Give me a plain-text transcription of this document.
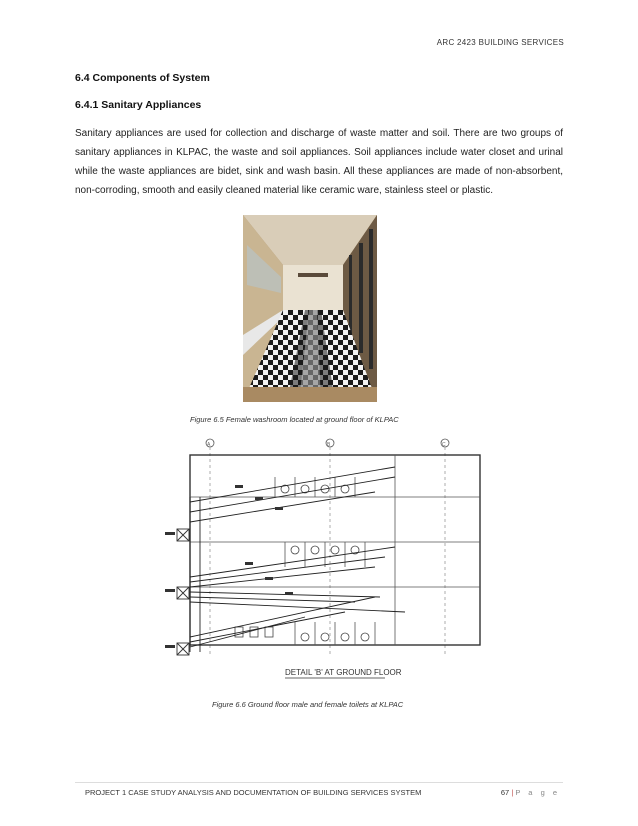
ARC 2423 BUILDING SERVICES
6.4 Components of System
6.4.1 Sanitary Appliances
Sanitary appliances are used for collection and discharge of waste matter and soil. There are two groups of sanitary appliances in KLPAC, the waste and soil appliances. Soil appliances include water closet and urinal while the waste appliances are bidet, sink and wash basin. All these appliances are made of non-absorbent, non-corroding, smooth and easily cleaned material like ceramic ware, stainless steel or plastic.
Figure 6.5 Female washroom located at ground floor of KLPAC
A	B	C
DETAIL 'B' AT GROUND FLOOR
Figure 6.6 Ground floor male and female toilets at KLPAC
PROJECT 1 CASE STUDY ANALYSIS AND DOCUMENTATION OF BUILDING SERVICES SYSTEM	67 | P a g e
